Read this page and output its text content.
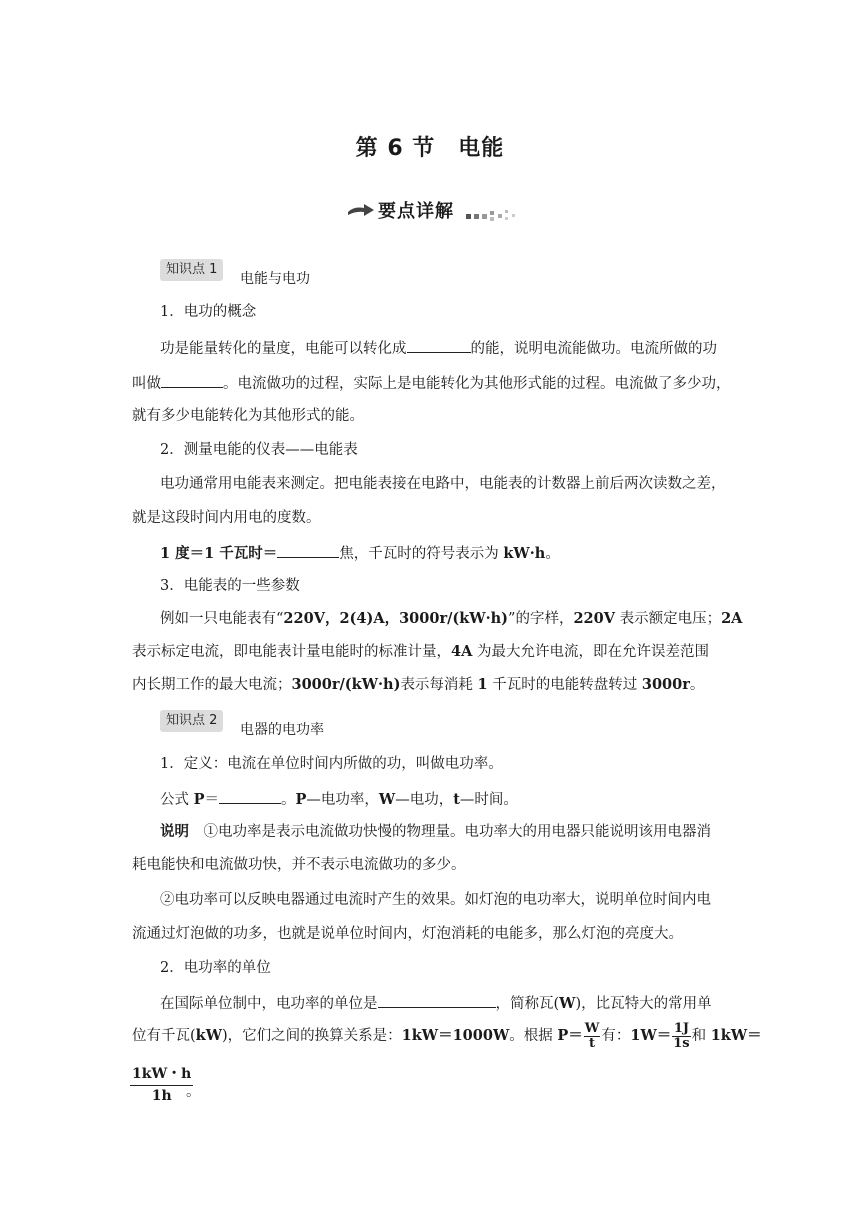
第 6 节　电能
要点详解
知识点 1
电能与电功
1．电功的概念
功是能量转化的量度，电能可以转化成	的能，说明电流能做功。电流所做的功
叫做	。电流做功的过程，实际上是电能转化为其他形式能的过程。电流做了多少功，
就有多少电能转化为其他形式的能。
2．测量电能的仪表——电能表
电功通常用电能表来测定。把电能表接在电路中，电能表的计数器上前后两次读数之差，
就是这段时间内用电的度数。
1 度＝1 千瓦时＝	焦，千瓦时的符号表示为 kW·h。
3．电能表的一些参数
例如一只电能表有“220V，2(4)A，3000r/(kW·h)”的字样，220V 表示额定电压；2A
表示标定电流，即电能表计量电能时的标准计量，4A 为最大允许电流，即在允许误差范围
内长期工作的最大电流；3000r/(kW·h)表示每消耗 1 千瓦时的电能转盘转过 3000r。
知识点 2
电器的电功率
1．定义：电流在单位时间内所做的功，叫做电功率。
公式 P＝	。P—电功率，W—电功，t—时间。
说明　 ①电功率是表示电流做功快慢的物理量。电功率大的用电器只能说明该用电器消
耗电能快和电流做功快，并不表示电流做功的多少。
②电功率可以反映电器通过电流时产生的效果。如灯泡的电功率大，说明单位时间内电
流通过灯泡做的功多，也就是说单位时间内，灯泡消耗的电能多，那么灯泡的亮度大。
2．电功率的单位
在国际单位制中，电功率的单位是	，简称瓦(W)，比瓦特大的常用单
位有千瓦(kW)，它们之间的换算关系是：1kW＝1000W。根据 $P= \frac{W}{t}$ 有：$1W= \frac{1J}{1s}$ 和 1kW＝
$\frac{1kW・h}{1h}$
。
